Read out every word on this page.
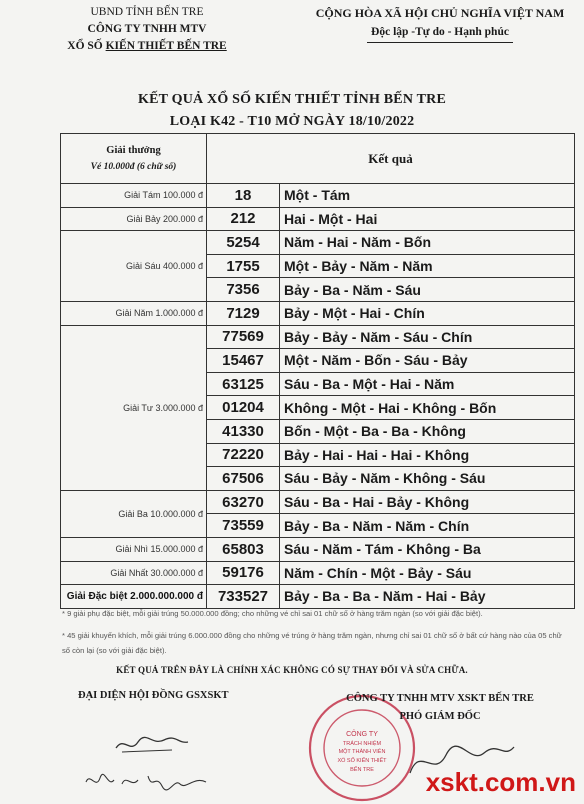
UBND TỈNH BẾN TRE
CÔNG TY TNHH MTV
XỔ SỐ KIẾN THIẾT BẾN TRE
CỘNG HÒA XÃ HỘI CHỦ NGHĨA VIỆT NAM
Độc lập -Tự do - Hạnh phúc
KẾT QUẢ XỔ SỐ KIẾN THIẾT TỈNH BẾN TRE
LOẠI K42 - T10 MỞ NGÀY 18/10/2022
Giải thưởng
Vé 10.000đ (6 chữ số)	Kết quả	
Giải Tám 100.000 đ	18	Một - Tám
Giải Bảy 200.000 đ	212	Hai - Một - Hai
Giải Sáu 400.000 đ	5254	Năm - Hai - Năm - Bốn
	1755	Một - Bảy - Năm - Năm
	7356	Bảy - Ba - Năm - Sáu
Giải Năm 1.000.000 đ	7129	Bảy - Một - Hai - Chín
Giải Tư 3.000.000 đ	77569	Bảy - Bảy - Năm - Sáu - Chín
	15467	Một - Năm - Bốn - Sáu - Bảy
	63125	Sáu - Ba - Một - Hai - Năm
	01204	Không - Một - Hai - Không - Bốn
	41330	Bốn - Một - Ba - Ba - Không
	72220	Bảy - Hai - Hai - Hai - Không
	67506	Sáu - Bảy - Năm - Không - Sáu
Giải Ba 10.000.000 đ	63270	Sáu - Ba - Hai - Bảy - Không
	73559	Bảy - Ba - Năm - Năm - Chín
Giải Nhì 15.000.000 đ	65803	Sáu - Năm - Tám - Không - Ba
Giải Nhất 30.000.000 đ	59176	Năm - Chín - Một - Bảy - Sáu
Giải Đặc biệt 2.000.000.000 đ	733527	Bảy - Ba - Ba - Năm - Hai - Bảy
* 9 giải phụ đặc biệt, mỗi giải trúng 50.000.000 đồng; cho những vé chỉ sai 01 chữ số ở hàng trăm ngàn (so với giải đặc biệt).
* 45 giải khuyến khích, mỗi giải trúng 6.000.000 đồng cho những vé trúng ở hàng trăm ngàn, nhưng chỉ sai 01 chữ số ở bất cứ hàng nào của 05 chữ số còn lại (so với giải đặc biệt).
KẾT QUẢ TRÊN ĐÂY LÀ CHÍNH XÁC KHÔNG CÓ SỰ THAY ĐỔI VÀ SỬA CHỮA.
ĐẠI DIỆN HỘI ĐỒNG GSXSKT
CÔNG TY
TRÁCH NHIỆM
MỘT THÀNH VIÊN
XỔ SỐ KIẾN THIẾT
BẾN TRE
CÔNG TY TNHH MTV XSKT BẾN TRE
PHÓ GIÁM ĐỐC
xskt.com.vn
